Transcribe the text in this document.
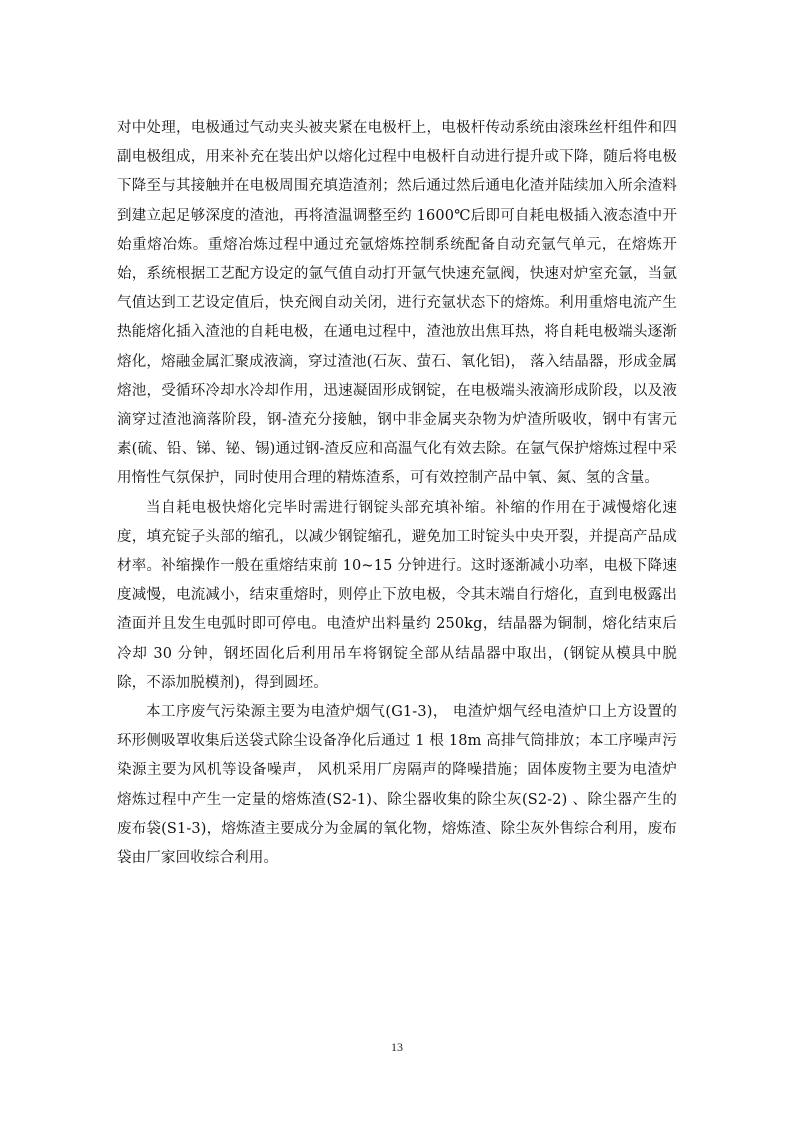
对中处理，电极通过气动夹头被夹紧在电极杆上，电极杆传动系统由滚珠丝杆组件和四副电极组成，用来补充在装出炉以熔化过程中电极杆自动进行提升或下降，随后将电极下降至与其接触并在电极周围充填造渣剂；然后通过然后通电化渣并陆续加入所余渣料到建立起足够深度的渣池，再将渣温调整至约 1600℃后即可自耗电极插入液态渣中开始重熔冶炼。重熔冶炼过程中通过充氩熔炼控制系统配备自动充氩气单元，在熔炼开始，系统根据工艺配方设定的氩气值自动打开氩气快速充氩阀，快速对炉室充氩，当氩气值达到工艺设定值后，快充阀自动关闭，进行充氩状态下的熔炼。利用重熔电流产生热能熔化插入渣池的自耗电极，在通电过程中，渣池放出焦耳热，将自耗电极端头逐渐熔化，熔融金属汇聚成液滴，穿过渣池(石灰、萤石、氧化铝)， 落入结晶器，形成金属熔池，受循环冷却水冷却作用，迅速凝固形成钢锭，在电极端头液滴形成阶段，以及液滴穿过渣池滴落阶段，钢-渣充分接触，钢中非金属夹杂物为炉渣所吸收，钢中有害元素(硫、铅、锑、铋、锡)通过钢-渣反应和高温气化有效去除。在氩气保护熔炼过程中采用惰性气氛保护，同时使用合理的精炼渣系，可有效控制产品中氧、氮、氢的含量。

当自耗电极快熔化完毕时需进行钢锭头部充填补缩。补缩的作用在于减慢熔化速度，填充锭子头部的缩孔，以减少钢锭缩孔，避免加工时锭头中央开裂，并提高产品成材率。补缩操作一般在重熔结束前 10~15 分钟进行。这时逐渐减小功率，电极下降速度减慢，电流减小，结束重熔时，则停止下放电极，令其末端自行熔化，直到电极露出渣面并且发生电弧时即可停电。电渣炉出料量约 250kg，结晶器为铜制，熔化结束后冷却 30 分钟，钢坯固化后利用吊车将钢锭全部从结晶器中取出，(钢锭从模具中脱除，不添加脱模剂)，得到圆坯。

本工序废气污染源主要为电渣炉烟气(G1-3)， 电渣炉烟气经电渣炉口上方设置的环形侧吸罩收集后送袋式除尘设备净化后通过 1 根 18m 高排气筒排放；本工序噪声污染源主要为风机等设备噪声， 风机采用厂房隔声的降噪措施；固体废物主要为电渣炉熔炼过程中产生一定量的熔炼渣(S2-1)、除尘器收集的除尘灰(S2-2) 、除尘器产生的废布袋(S1-3)，熔炼渣主要成分为金属的氧化物，熔炼渣、除尘灰外售综合利用，废布袋由厂家回收综合利用。

13
